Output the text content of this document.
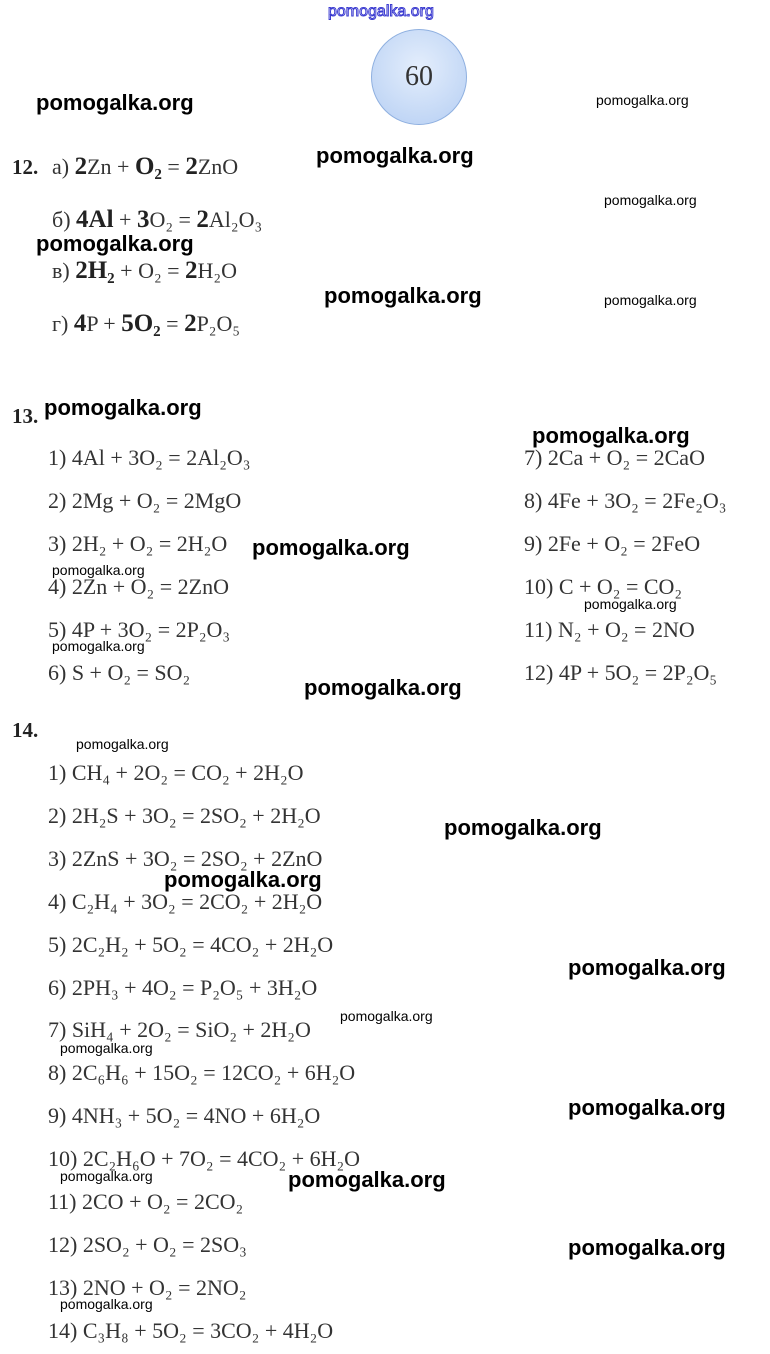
60
12.
13.
14.
а) 2Zn + O₂ = 2ZnO
б) 4Al + 3O₂ = 2Al₂O₃
в) 2H₂ + O₂ = 2H₂O
г) 4P + 5O₂ = 2P₂O₅
1) 4Al + 3O₂ = 2Al₂O₃	7) 2Ca + O₂ = 2CaO
2) 2Mg + O₂ = 2MgO	8) 4Fe + 3O₂ = 2Fe₂O₃
3) 2H₂ + O₂ = 2H₂O	9) 2Fe + O₂ = 2FeO
4) 2Zn + O₂ = 2ZnO	10) C + O₂ = CO₂
5) 4P + 3O₂ = 2P₂O₃	11) N₂ + O₂ = 2NO
6) S + O₂ = SO₂	12) 4P + 5O₂ = 2P₂O₅
1) CH₄ + 2O₂ = CO₂ + 2H₂O
2) 2H₂S + 3O₂ = 2SO₂ + 2H₂O
3) 2ZnS + 3O₂ = 2SO₂ + 2ZnO
4) C₂H₄ + 3O₂ = 2CO₂ + 2H₂O
5) 2C₂H₂ + 5O₂ = 4CO₂ + 2H₂O
6) 2PH₃ + 4O₂ = P₂O₅ + 3H₂O
7) SiH₄ + 2O₂ = SiO₂ + 2H₂O
8) 2C₆H₆ + 15O₂ = 12CO₂ + 6H₂O
9) 4NH₃ + 5O₂ = 4NO + 6H₂O
10) 2C₂H₆O + 7O₂ = 4CO₂ + 6H₂O
11) 2CO + O₂ = 2CO₂
12) 2SO₂ + O₂ = 2SO₃
13) 2NO + O₂ = 2NO₂
14) C₃H₈ + 5O₂ = 3CO₂ + 4H₂O
pomogalka.org
pomogalka.org	pomogalka.org
pomogalka.org
pomogalka.org
pomogalka.org
pomogalka.org	pomogalka.org
pomogalka.org
pomogalka.org
pomogalka.org
pomogalka.org
pomogalka.org
pomogalka.org
pomogalka.org
pomogalka.org
pomogalka.org
pomogalka.org
pomogalka.org
pomogalka.org
pomogalka.org
pomogalka.org
pomogalka.org	pomogalka.org
pomogalka.org
pomogalka.org
